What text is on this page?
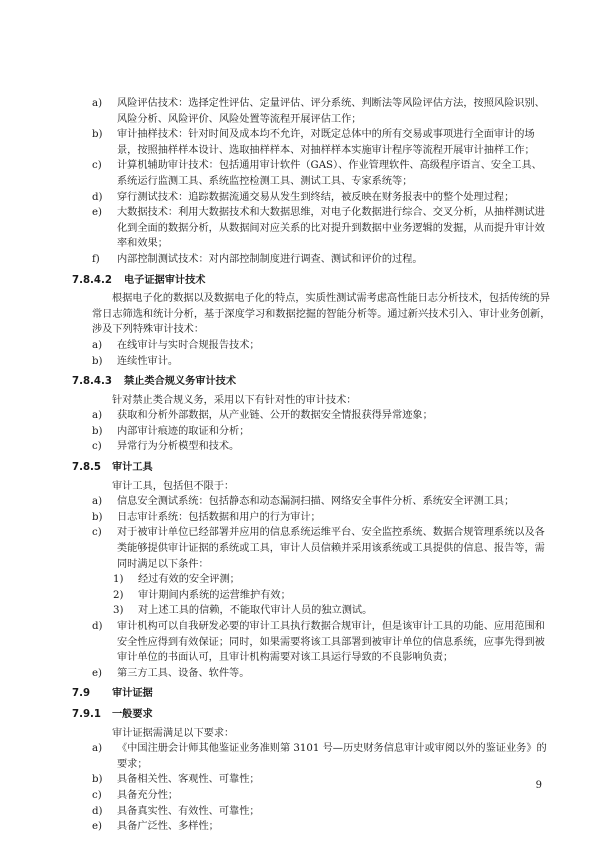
a) 风险评估技术：选择定性评估、定量评估、评分系统、判断法等风险评估方法，按照风险识别、风险分析、风险评价、风险处置等流程开展评估工作；
b) 审计抽样技术：针对时间及成本均不允许，对既定总体中的所有交易或事项进行全面审计的场景，按照抽样样本设计、选取抽样样本、对抽样样本实施审计程序等流程开展审计抽样工作；
c) 计算机辅助审计技术：包括通用审计软件（GAS）、作业管理软件、高级程序语言、安全工具、系统运行监测工具、系统监控检测工具、测试工具、专家系统等；
d) 穿行测试技术：追踪数据流通交易从发生到终结，被反映在财务报表中的整个处理过程；
e) 大数据技术：利用大数据技术和大数据思维，对电子化数据进行综合、交叉分析，从抽样测试进化到全面的数据分析，从数据间对应关系的比对提升到数据中业务逻辑的发掘，从而提升审计效率和效果；
f) 内部控制测试技术：对内部控制制度进行调查、测试和评价的过程。
7.8.4.2 电子证据审计技术
根据电子化的数据以及数据电子化的特点，实质性测试需考虑高性能日志分析技术，包括传统的异常日志筛选和统计分析，基于深度学习和数据挖掘的智能分析等。通过新兴技术引入、审计业务创新，涉及下列特殊审计技术：
a) 在线审计与实时合规报告技术；
b) 连续性审计。
7.8.4.3 禁止类合规义务审计技术
针对禁止类合规义务，采用以下有针对性的审计技术：
a) 获取和分析外部数据，从产业链、公开的数据安全情报获得异常迹象；
b) 内部审计痕迹的取证和分析；
c) 异常行为分析模型和技术。
7.8.5 审计工具
审计工具，包括但不限于：
a) 信息安全测试系统：包括静态和动态漏洞扫描、网络安全事件分析、系统安全评测工具；
b) 日志审计系统：包括数据和用户的行为审计；
c) 对于被审计单位已经部署并应用的信息系统运维平台、安全监控系统、数据合规管理系统以及各类能够提供审计证据的系统或工具，审计人员信赖并采用该系统或工具提供的信息、报告等，需同时满足以下条件：
1) 经过有效的安全评测；
2) 审计期间内系统的运营维护有效；
3) 对上述工具的信赖，不能取代审计人员的独立测试。
d) 审计机构可以自我研发必要的审计工具执行数据合规审计，但是该审计工具的功能、应用范围和安全性应得到有效保证；同时，如果需要将该工具部署到被审计单位的信息系统，应事先得到被审计单位的书面认可，且审计机构需要对该工具运行导致的不良影响负责；
e) 第三方工具、设备、软件等。
7.9 审计证据
7.9.1 一般要求
审计证据需满足以下要求：
a) 《中国注册会计师其他鉴证业务准则第 3101 号—历史财务信息审计或审阅以外的鉴证业务》的要求；
b) 具备相关性、客观性、可靠性；
c) 具备充分性；
d) 具备真实性、有效性、可靠性；
e) 具备广泛性、多样性；
9
